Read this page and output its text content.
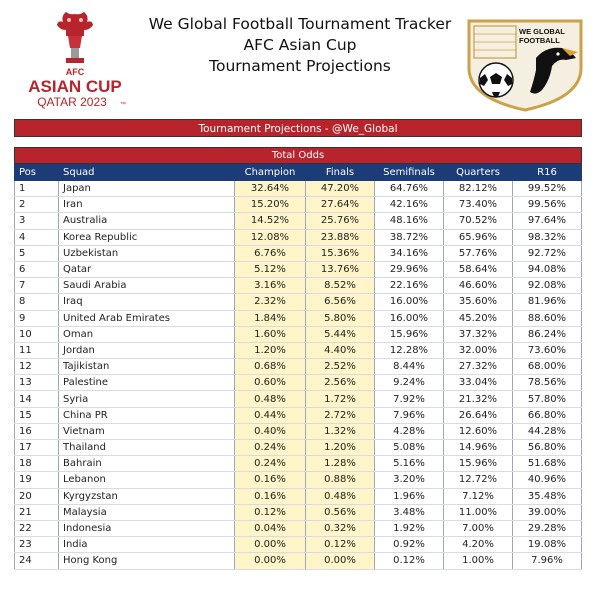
AFC
ASIAN CUP
QATAR 2023 ™
We Global Football Tournament Tracker
AFC Asian Cup
Tournament Projections
WE GLOBAL
FOOTBALL
Tournament Projections - @We_Global
Total Odds						
Pos	Squad	Champion	Finals	Semifinals	Quarters	R16
1	Japan	32.64%	47.20%	64.76%	82.12%	99.52%
2	Iran	15.20%	27.64%	42.16%	73.40%	99.56%
3	Australia	14.52%	25.76%	48.16%	70.52%	97.64%
4	Korea Republic	12.08%	23.88%	38.72%	65.96%	98.32%
5	Uzbekistan	6.76%	15.36%	34.16%	57.76%	92.72%
6	Qatar	5.12%	13.76%	29.96%	58.64%	94.08%
7	Saudi Arabia	3.16%	8.52%	22.16%	46.60%	92.08%
8	Iraq	2.32%	6.56%	16.00%	35.60%	81.96%
9	United Arab Emirates	1.84%	5.80%	16.00%	45.20%	88.60%
10	Oman	1.60%	5.44%	15.96%	37.32%	86.24%
11	Jordan	1.20%	4.40%	12.28%	32.00%	73.60%
12	Tajikistan	0.68%	2.52%	8.44%	27.32%	68.00%
13	Palestine	0.60%	2.56%	9.24%	33.04%	78.56%
14	Syria	0.48%	1.72%	7.92%	21.32%	57.80%
15	China PR	0.44%	2.72%	7.96%	26.64%	66.80%
16	Vietnam	0.40%	1.32%	4.28%	12.60%	44.28%
17	Thailand	0.24%	1.20%	5.08%	14.96%	56.80%
18	Bahrain	0.24%	1.28%	5.16%	15.96%	51.68%
19	Lebanon	0.16%	0.88%	3.20%	12.72%	40.96%
20	Kyrgyzstan	0.16%	0.48%	1.96%	7.12%	35.48%
21	Malaysia	0.12%	0.56%	3.48%	11.00%	39.00%
22	Indonesia	0.04%	0.32%	1.92%	7.00%	29.28%
23	India	0.00%	0.12%	0.92%	4.20%	19.08%
24	Hong Kong	0.00%	0.00%	0.12%	1.00%	7.96%
